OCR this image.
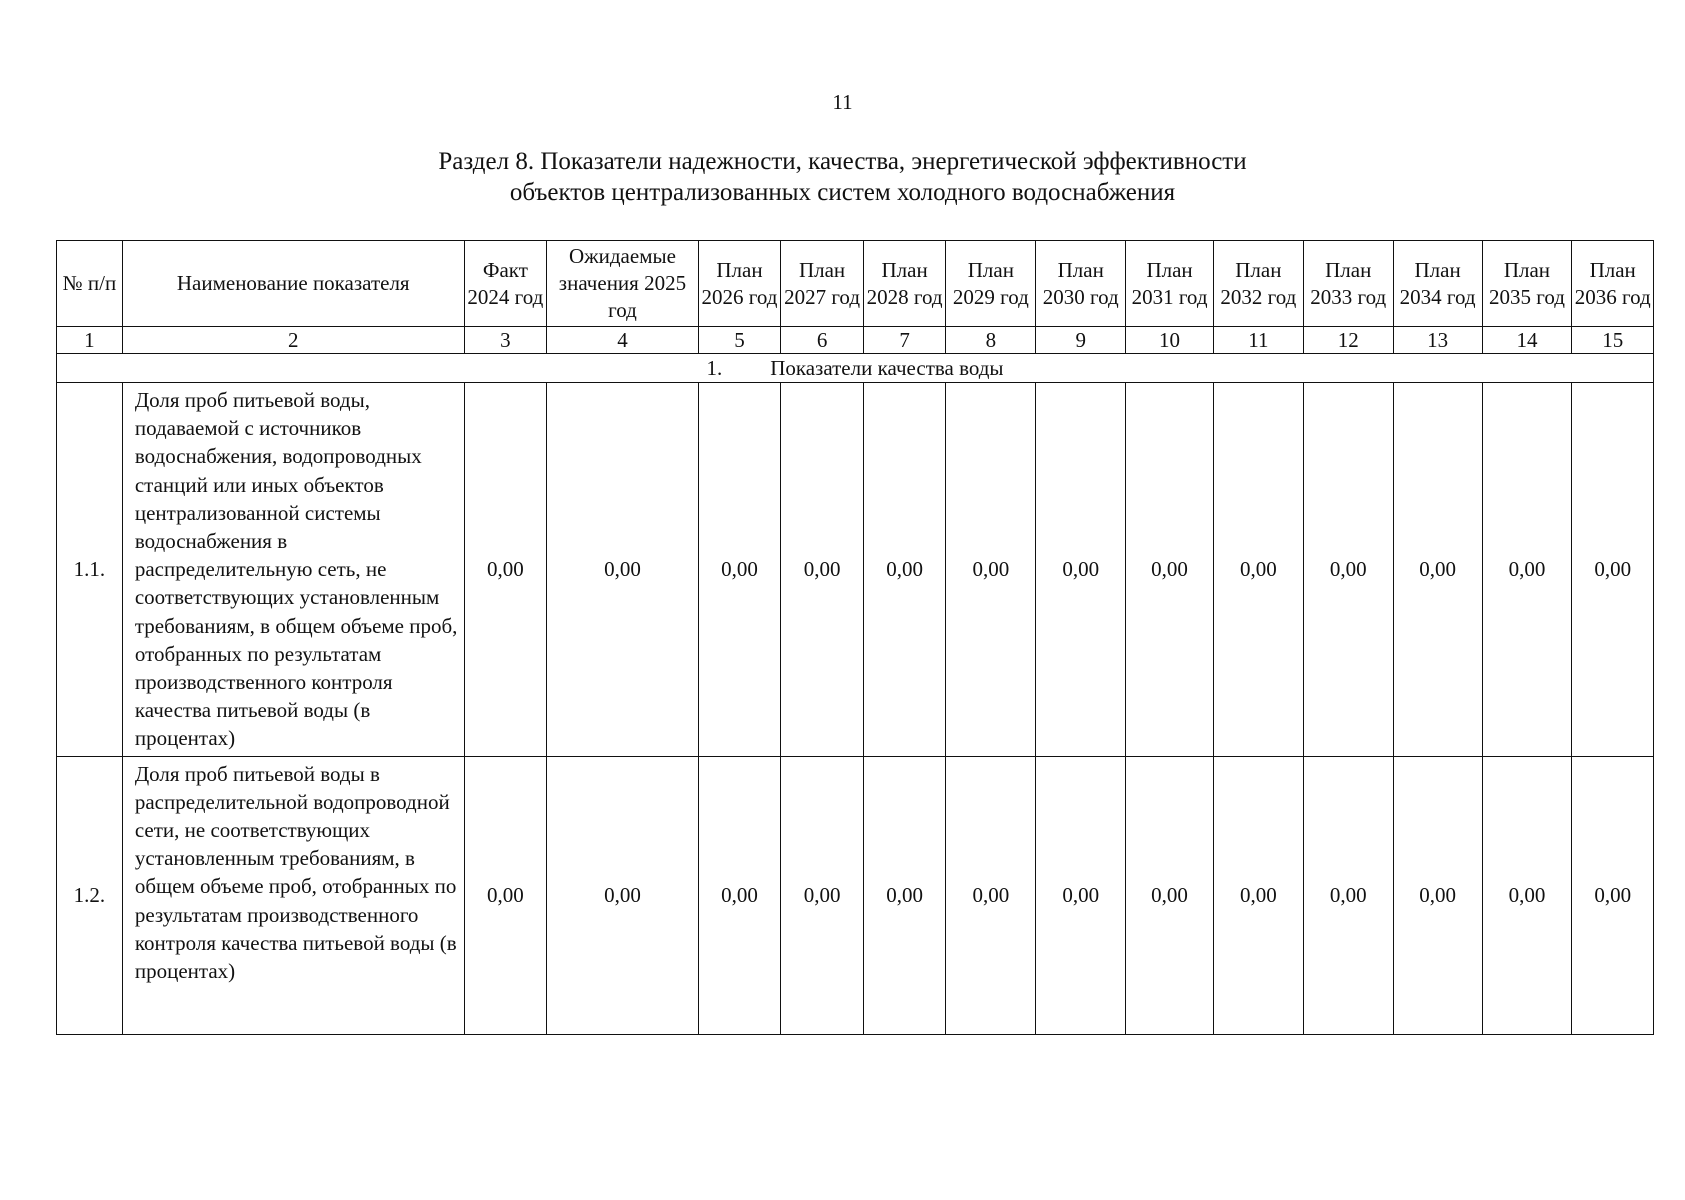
11
Раздел 8. Показатели надежности, качества, энергетической эффективности
объектов централизованных систем холодного водоснабжения
№ п/п	Наименование показателя	Факт 2024 год	Ожидаемые значения 2025 год	План 2026 год	План 2027 год	План 2028 год	План 2029 год	План 2030 год	План 2031 год	План 2032 год	План 2033 год	План 2034 год	План 2035 год	План 2036 год
1	2	3	4	5	6	7	8	9	10	11	12	13	14	15
1. Показатели качества воды														
1.1.	Доля проб питьевой воды, подаваемой с источников водоснабжения, водопроводных станций или иных объектов централизованной системы водоснабжения в распределительную сеть, не соответствующих установленным требованиям, в общем объеме проб, отобранных по результатам производственного контроля качества питьевой воды (в процентах)	0,00	0,00	0,00	0,00	0,00	0,00	0,00	0,00	0,00	0,00	0,00	0,00	0,00
1.2.	Доля проб питьевой воды в распределительной водопроводной сети, не соответствующих установленным требованиям, в общем объеме проб, отобранных по результатам производственного контроля качества питьевой воды (в процентах)	0,00	0,00	0,00	0,00	0,00	0,00	0,00	0,00	0,00	0,00	0,00	0,00	0,00
